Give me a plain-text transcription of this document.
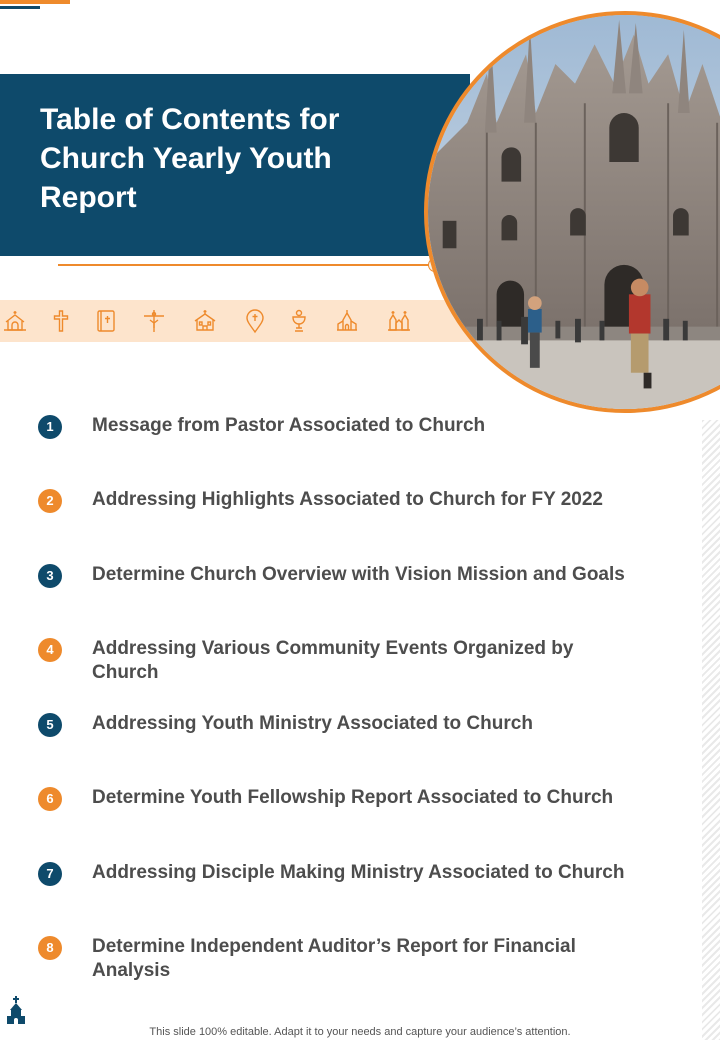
Table of Contents for Church Yearly Youth Report
1	Message from Pastor Associated to Church
2	Addressing Highlights Associated to Church for FY 2022
3	Determine Church Overview with Vision Mission and Goals
4	Addressing Various Community Events Organized by Church
5	Addressing Youth Ministry Associated to Church
6	Determine Youth Fellowship Report Associated to Church
7	Addressing Disciple Making Ministry Associated to Church
8	Determine Independent Auditor’s Report for Financial Analysis
This slide 100% editable. Adapt it to your needs and capture your audience’s attention.
